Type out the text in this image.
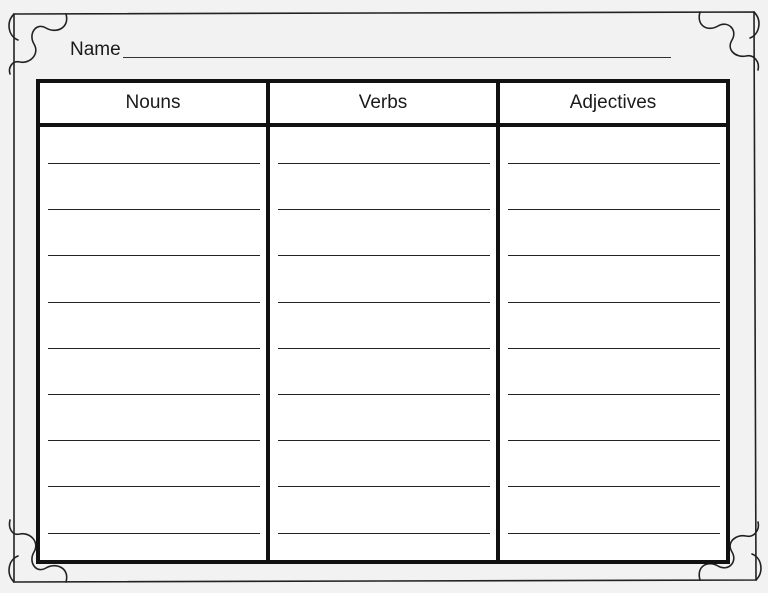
Name
Nouns	Verbs	Adjectives
